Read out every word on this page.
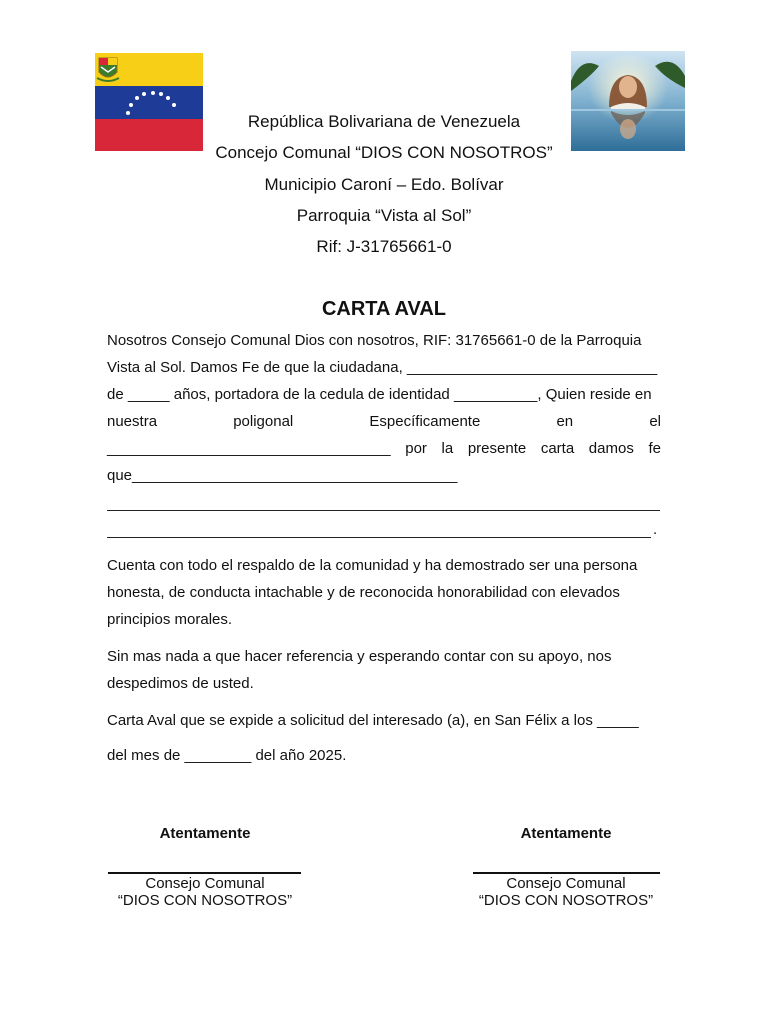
República Bolivariana de Venezuela
Concejo Comunal “DIOS CON NOSOTROS”
Municipio Caroní – Edo. Bolívar
Parroquia “Vista al Sol”
Rif: J-31765661-0
CARTA AVAL
Nosotros Consejo Comunal Dios con nosotros, RIF: 31765661-0 de la Parroquia
Vista al Sol. Damos Fe de que la ciudadana, ______________________________
de _____ años, portadora de la cedula de identidad __________, Quien reside en
nuestra	poligonal	Específicamente	en	el
__________________________________ por la presente carta damos fe
que_______________________________________
.
Cuenta con todo el respaldo de la comunidad y ha demostrado ser una persona
honesta, de conducta intachable y de reconocida honorabilidad con elevados
principios morales.
Sin mas nada a que hacer referencia y esperando contar con su apoyo, nos
despedimos de usted.
Carta Aval que se expide a solicitud del interesado (a), en San Félix a los _____
del mes de ________ del año 2025.
Atentamente
Consejo Comunal
“DIOS CON NOSOTROS”
Atentamente
Consejo Comunal
“DIOS CON NOSOTROS”
